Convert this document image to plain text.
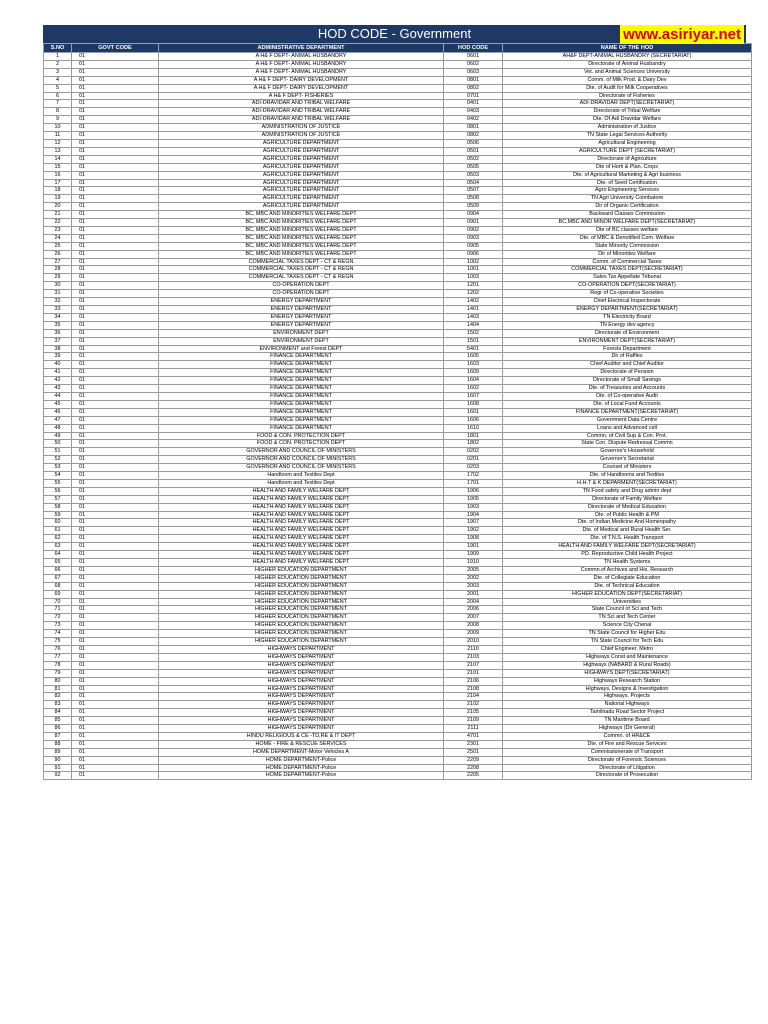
HOD CODE - Government	www.asiriyar.net
S.NO	GOVT CODE	ADMINISTRATIVE DEPARTMENT	HOD CODE	NAME OF THE HOD
1	01	A H& F DEPT- ANIMAL HUSBANDRY	0601	AH&F DEPT-ANIMAL HUSBANDRY (SECRETARIAT)
2	01	A H& F DEPT- ANIMAL HUSBANDRY	0602	Directorate of Animal Husbandry
3	01	A H& F DEPT- ANIMAL HUSBANDRY	0603	Vet. and Animal Sciences University
4	01	A H& F DEPT- DAIRY DEVELOPMENT	0801	Comm. of Milk Prod. & Dairy Dev
5	01	A H& F DEPT- DAIRY DEVELOPMENT	0802	Dte. of Audit for Milk Cooperatives
6	01	A H& F DEPT- FISHERIES	0701	Directorate of Fisheries
7	01	ADI-DRAVIDAR AND TRIBAL WELFARE	0401	ADI-DRAVIDAR DEPT(SECRETARIAT)
8	01	ADI-DRAVIDAR AND TRIBAL WELFARE	0403	Directorate of Tribal Welfare
9	01	ADI-DRAVIDAR AND TRIBAL WELFARE	0402	Dte. Of Adi Dravidar Welfare
10	01	ADMINISTRATION OF JUSTICE	0801	Administration of Justice
11	01	ADMINISTRATION OF JUSTICE	0802	TN State Legal Services Authority
12	01	AGRICULTURE DEPARTMENT	0506	Agricultural Engineering
13	01	AGRICULTURE DEPARTMENT	0501	AGRICULTURE DEPT (SECRETARIAT)
14	01	AGRICULTURE DEPARTMENT	0502	Directorate of Agriculture
15	01	AGRICULTURE DEPARTMENT	0505	Dte of Horti & Plan. Crops
16	01	AGRICULTURE DEPARTMENT	0503	Dte. of Agricultural Marketing & Agri business
17	01	AGRICULTURE DEPARTMENT	0504	Dte. of Seed Certification
18	01	AGRICULTURE DEPARTMENT	0507	Agro Engineering Services
19	01	AGRICULTURE DEPARTMENT	0508	TN Agri University Coimbatore
20	01	AGRICULTURE DEPARTMENT	0509	Dir of Organic Certification
21	01	BC, MBC AND MINORITIES WELFARE DEPT	0904	Backward Classes Commission
22	01	BC, MBC AND MINORITIES WELFARE DEPT	0901	BC,MBC AND MINOR WELFARE DEPT(SECRETARIAT)
23	01	BC, MBC AND MINORITIES WELFARE DEPT	0902	Dte of BC classes welfare
24	01	BC, MBC AND MINORITIES WELFARE DEPT	0903	Dte. of MBC & Denotified Com. Welfare
25	01	BC, MBC AND MINORITIES WELFARE DEPT	0905	State Minority Commission
26	01	BC, MBC AND MINORITIES WELFARE DEPT	0906	Dir of Minorities Welfare
27	01	COMMERCIAL TAXES DEPT - CT & REGN	1002	Comm. of Commercial Taxes
28	01	COMMERCIAL TAXES DEPT - CT & REGN	1001	COMMERCIAL TAXES DEPT(SECRETARIAT)
29	01	COMMERCIAL TAXES DEPT - CT & REGN	1003	Sales Tax Appellate Tribunal
30	01	CO-OPERATION DEPT	1201	CO-OPERATION DEPT(SECRETARIAT)
31	01	CO-OPERATION DEPT	1202	Regr of Co-operative Societies
32	01	ENERGY DEPARTMENT	1402	Chief Electrical Inspectorate
33	01	ENERGY DEPARTMENT	1401	ENERGY DEPARTMENT(SECRETARIAT)
34	01	ENERGY DEPARTMENT	1403	TN Electricity Board
35	01	ENERGY DEPARTMENT	1404	TN Energy dev agency
36	01	ENVIRONMENT DEPT	1502	Directorate of Environment
37	01	ENVIRONMENT DEPT	1501	ENVIRONMENT DEPT(SECRETARIAT)
38	01	ENVIRONMENT and Forest DEPT	5401	Forests Department
39	01	FINANCE DEPARTMENT	1605	Dir of Raffles
40	01	FINANCE DEPARTMENT	1603	Chief Auditor and Chief Auditor
41	01	FINANCE DEPARTMENT	1609	Directorate of Pension
42	01	FINANCE DEPARTMENT	1604	Directorate of Small Savings
43	01	FINANCE DEPARTMENT	1602	Dte. of Treasuries and Accounts
44	01	FINANCE DEPARTMENT	1607	Dte. of Co-operative Audit
45	01	FINANCE DEPARTMENT	1608	Dte. of Local Fund Accounts
46	01	FINANCE DEPARTMENT	1601	FINANCE DEPARTMENT(SECRETARIAT)
47	01	FINANCE DEPARTMENT	1606	Government Data Centre
48	01	FINANCE DEPARTMENT	1610	Loans and Advanced cell
49	01	FOOD & CON. PROTECTION DEPT	1801	Commn. of Civil Sup & Con. Prot.
50	01	FOOD & CON. PROTECTION DEPT	1802	State Con. Dispute Redressal Commn
51	01	GOVERNOR AND COUNCIL OF MINISTERS	0202	Governor's Household
52	01	GOVERNOR AND COUNCIL OF MINISTERS	0201	Governor's Secretariat
53	01	GOVERNOR AND COUNCIL OF MINISTERS	0203	Counsel of Ministers
54	01	Handloom and Textiles Dept	1702	Dte. of Handlooms and Textiles
55	01	Handloom and Textiles Dept	1701	H.H.T & K DEPARMENT(SECRETARIAT)
56	01	HEALTH AND FAMILY WELFARE DEPT	1906	TN Food safety and Drug admin dept
57	01	HEALTH AND FAMILY WELFARE DEPT	1905	Directorate of Family Welfare
58	01	HEALTH AND FAMILY WELFARE DEPT	1903	Directorate of Medical Education
59	01	HEALTH AND FAMILY WELFARE DEPT	1904	Dte. of Public Health & PM
60	01	HEALTH AND FAMILY WELFARE DEPT	1907	Dte. of Indian Medicine And Homeopathy
61	01	HEALTH AND FAMILY WELFARE DEPT	1902	Dte. of Medical and Rural Health Ser.
62	01	HEALTH AND FAMILY WELFARE DEPT	1908	Dte. of T.N.S. Health Transport
63	01	HEALTH AND FAMILY WELFARE DEPT	1901	HEALTH AND FAMILY WELFARE DEPT(SECRETARIAT)
64	01	HEALTH AND FAMILY WELFARE DEPT	1909	PD. Reproductive Child Health Project
65	01	HEALTH AND FAMILY WELFARE DEPT	1910	TN Health Systems
66	01	HIGHER EDUCATION DEPARTMENT	2005	Commn.of Archives and His. Research
67	01	HIGHER EDUCATION DEPARTMENT	2002	Dte. of Collegiate Education
68	01	HIGHER EDUCATION DEPARTMENT	2003	Dte. of Technical Education
69	01	HIGHER EDUCATION DEPARTMENT	2001	HIGHER EDUCATION DEPT(SECRETARIAT)
70	01	HIGHER EDUCATION DEPARTMENT	2004	Universities
71	01	HIGHER EDUCATION DEPARTMENT	2006	State Council of Sci and Tech
72	01	HIGHER EDUCATION DEPARTMENT	2007	TN Sci and Tech Center
73	01	HIGHER EDUCATION DEPARTMENT	2008	Science City Chenai
74	01	HIGHER EDUCATION DEPARTMENT	2009	TN State Council for Higher Edu
75	01	HIGHER EDUCATION DEPARTMENT	2010	TN State Council for Tech Edu
76	01	HIGHWAYS DEPARTMENT	2110	Chief Engineer, Metro
77	01	HIGHWAYS DEPARTMENT	2103	Highways Const and Maintenance
78	01	HIGHWAYS DEPARTMENT	2107	Highways (NABARD & Rural Roads)
79	01	HIGHWAYS DEPARTMENT	2101	HIGHWAYS DEPT(SECRETARIAT)
80	01	HIGHWAYS DEPARTMENT	2106	Highways Research Station
81	01	HIGHWAYS DEPARTMENT	2108	Highways, Designs & Investigation
82	01	HIGHWAYS DEPARTMENT	2104	Highways, Projects
83	01	HIGHWAYS DEPARTMENT	2102	National Highways
84	01	HIGHWAYS DEPARTMENT	2105	Tamilnadu Road Sector Project
85	01	HIGHWAYS DEPARTMENT	2109	TN Maritime Board
86	01	HIGHWAYS DEPARTMENT	2111	Highways (Dir General)
87	01	HINDU RELIGIOUS & CE -TD,RE & IT DEPT	4701	Commn. of HR&CE
88	01	HOME - FIRE & RESCUE SERVICES	2301	Dte. of Fire and Rescue Services
89	01	HOME DEPARTMENT-Motor Vehicles A	2501	Commissionerate of Transport
90	01	HOME DEPARTMENT-Police	2209	Directorate of Forensic Sciences
91	01	HOME DEPARTMENT-Police	2208	Directorate of Litigation
92	01	HOME DEPARTMENT-Police	2205	Directorate of Prosecution
